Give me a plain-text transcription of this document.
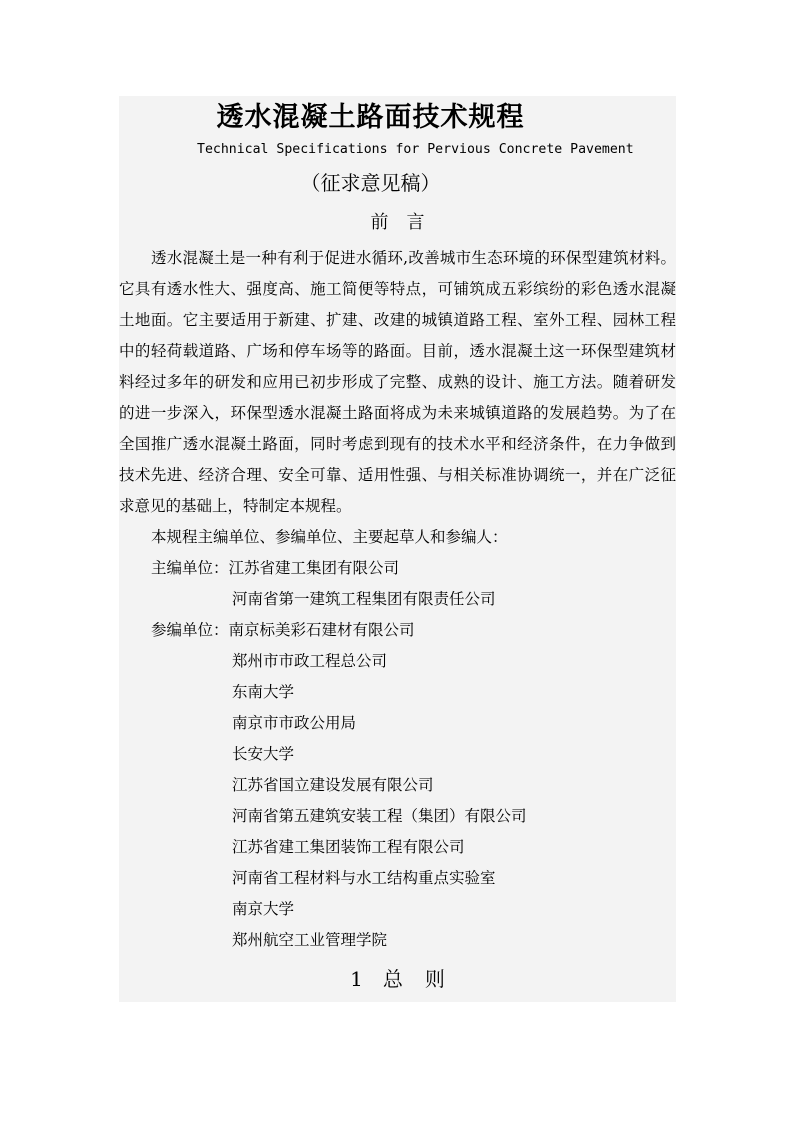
透水混凝土路面技术规程
Technical Specifications for Pervious Concrete Pavement
（征求意见稿）
前言

透水混凝土是一种有利于促进水循环,改善城市生态环境的环保型建筑材料。它具有透水性大、强度高、施工简便等特点，可铺筑成五彩缤纷的彩色透水混凝土地面。它主要适用于新建、扩建、改建的城镇道路工程、室外工程、园林工程中的轻荷载道路、广场和停车场等的路面。目前，透水混凝土这一环保型建筑材料经过多年的研发和应用已初步形成了完整、成熟的设计、施工方法。随着研发的进一步深入，环保型透水混凝土路面将成为未来城镇道路的发展趋势。为了在全国推广透水混凝土路面，同时考虑到现有的技术水平和经济条件，在力争做到技术先进、经济合理、安全可靠、适用性强、与相关标准协调统一，并在广泛征求意见的基础上，特制定本规程。

本规程主编单位、参编单位、主要起草人和参编人：
主编单位：江苏省建工集团有限公司
河南省第一建筑工程集团有限责任公司
参编单位：南京标美彩石建材有限公司
郑州市市政工程总公司
东南大学
南京市市政公用局
长安大学
江苏省国立建设发展有限公司
河南省第五建筑安装工程（集团）有限公司
江苏省建工集团装饰工程有限公司
河南省工程材料与水工结构重点实验室
南京大学
郑州航空工业管理学院
1 总 则
